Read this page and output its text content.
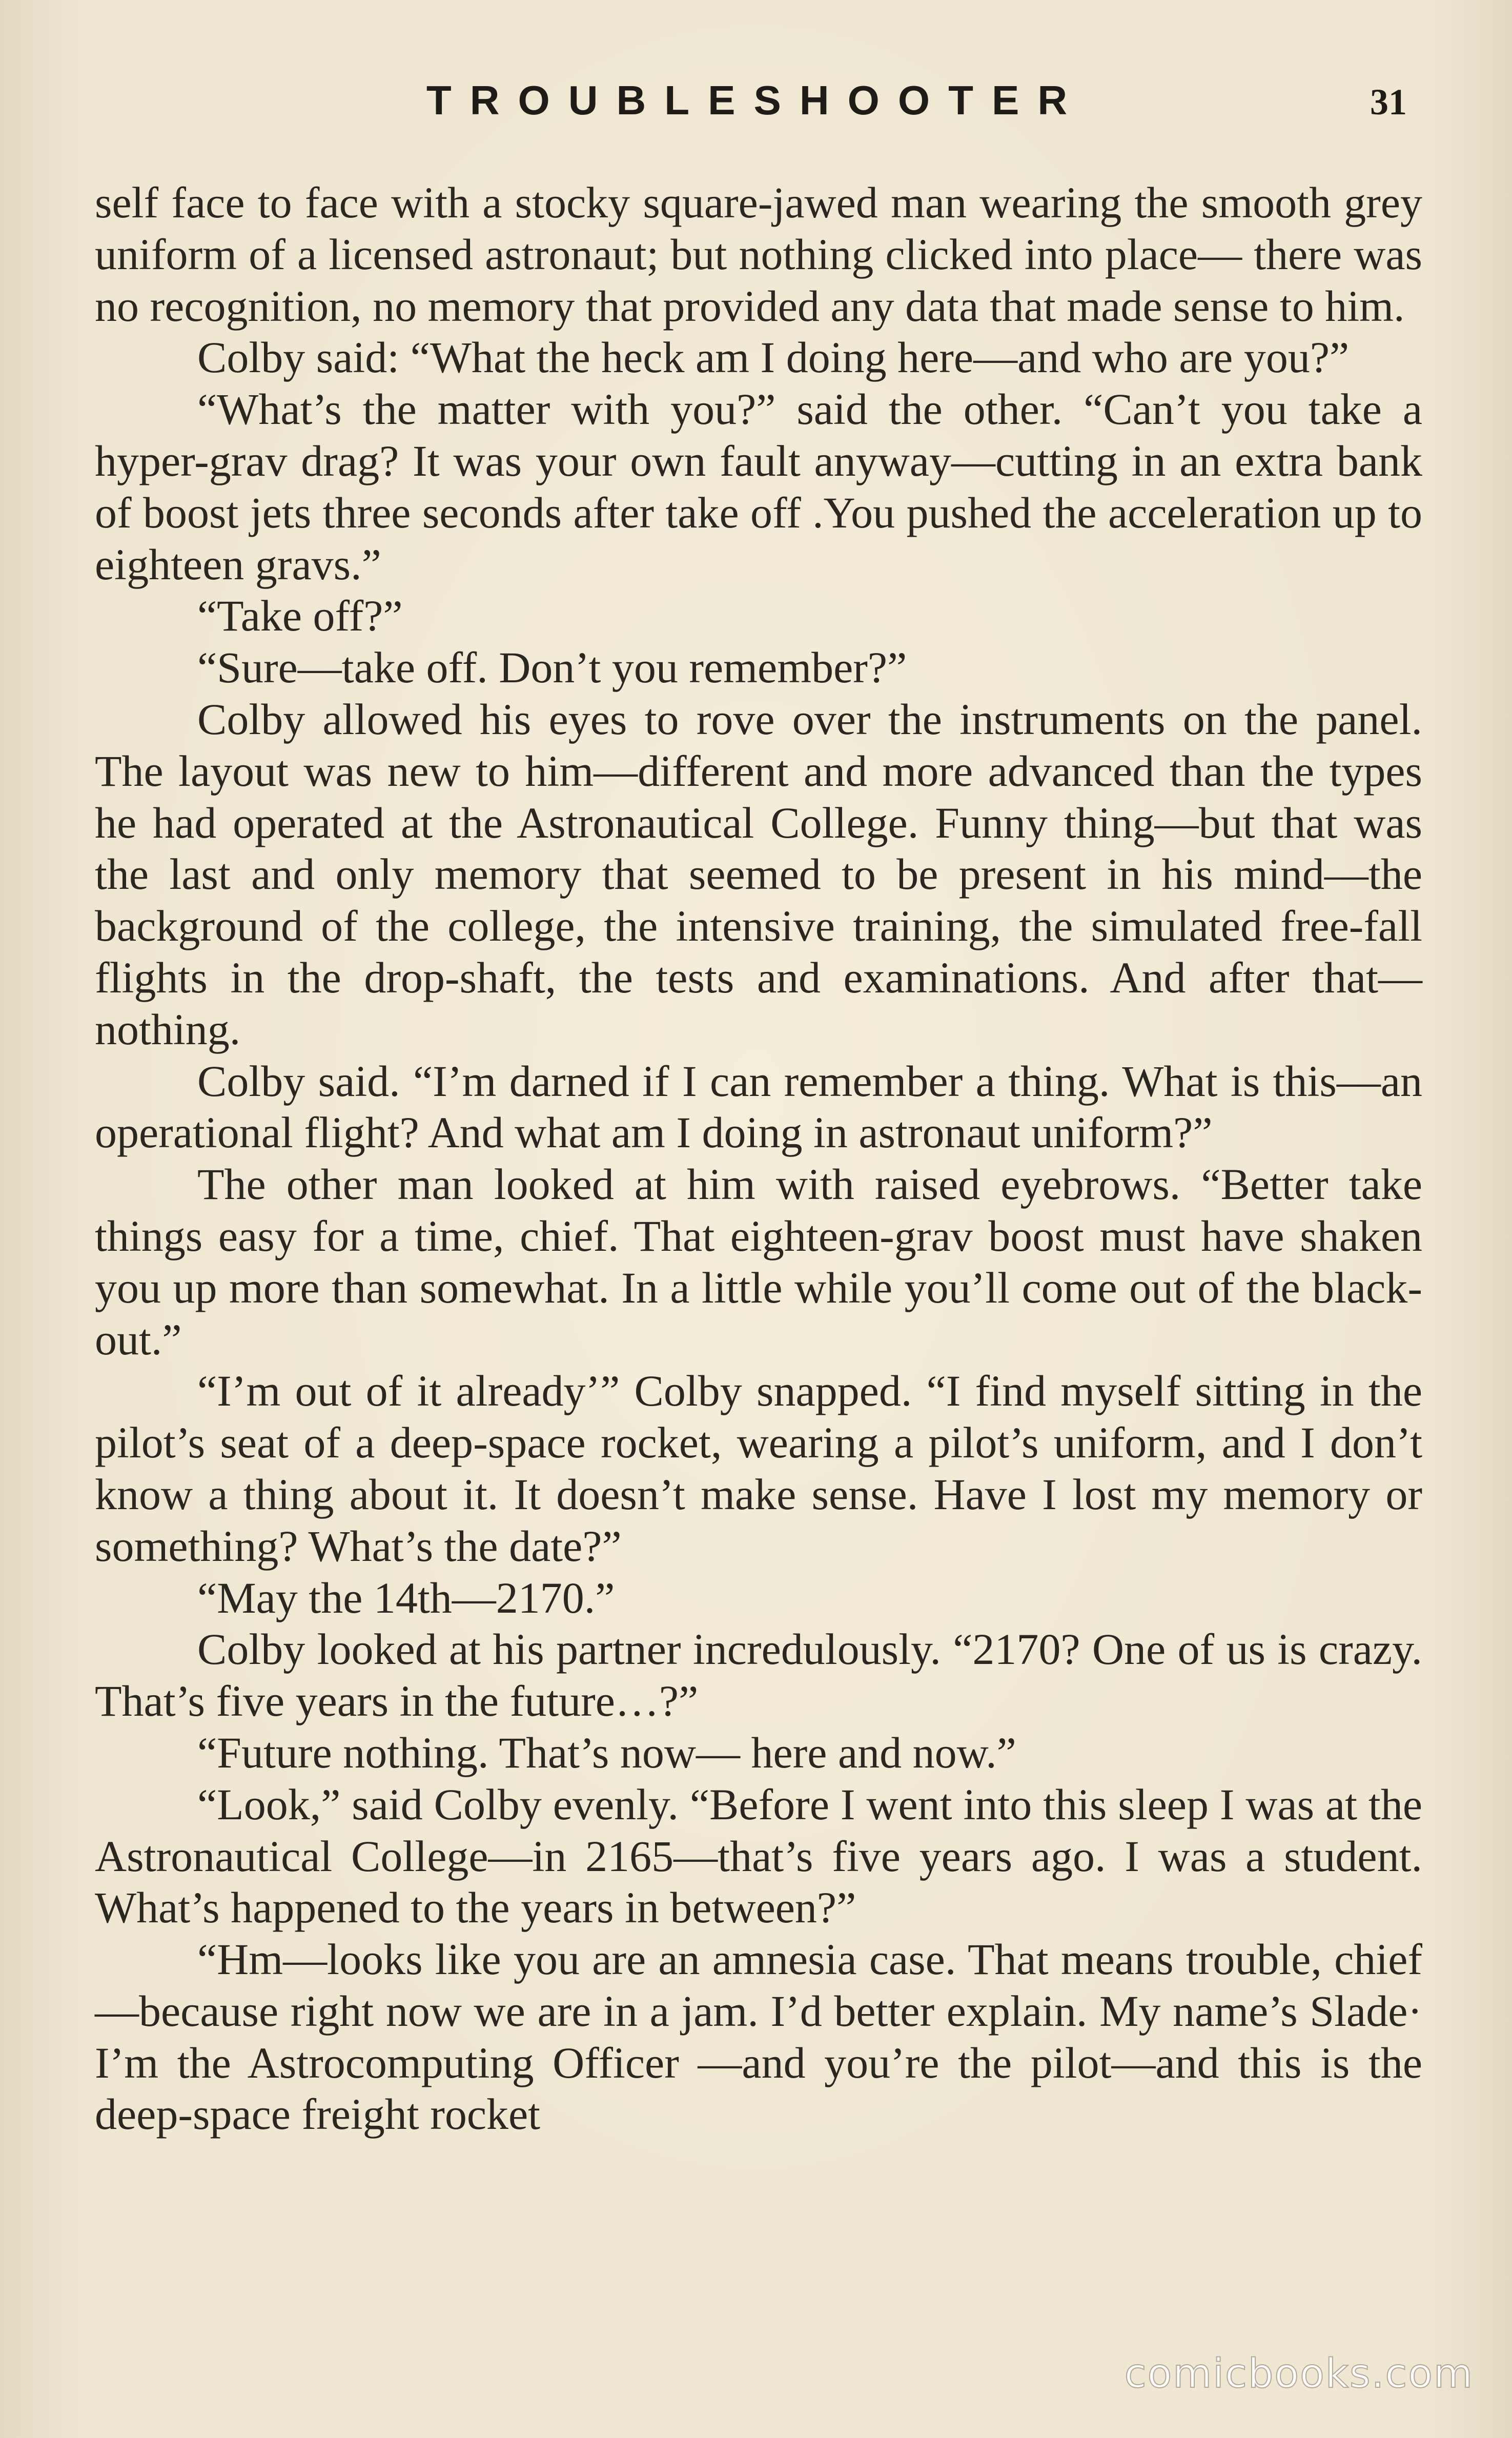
TROUBLESHOOTER	31

self face to face with a stocky square-jawed man wearing the smooth grey uniform of a licensed astronaut; but nothing clicked into place— there was no recognition, no memory that provided any data that made sense to him.

Colby said: “What the heck am I doing here—and who are you?”

“What’s the matter with you?” said the other. “Can’t you take a hyper-grav drag? It was your own fault anyway—cutting in an extra bank of boost jets three seconds after take off .You pushed the acceleration up to eighteen gravs.”

“Take off?”

“Sure—take off. Don’t you remember?”

Colby allowed his eyes to rove over the instruments on the panel. The layout was new to him—different and more advanced than the types he had operated at the Astronautical College. Funny thing—but that was the last and only memory that seemed to be present in his mind—the background of the college, the intensive training, the simulated free-fall flights in the drop-shaft, the tests and examinations. And after that—nothing.

Colby said. “I’m darned if I can remember a thing. What is this—an operational flight? And what am I doing in astronaut uniform?”

The other man looked at him with raised eyebrows. “Better take things easy for a time, chief. That eighteen-grav boost must have shaken you up more than somewhat. In a little while you’ll come out of the black-out.”

“I’m out of it already’” Colby snapped. “I find myself sitting in the pilot’s seat of a deep-space rocket, wearing a pilot’s uniform, and I don’t know a thing about it. It doesn’t make sense. Have I lost my memory or something? What’s the date?”

“May the 14th—2170.”

Colby looked at his partner incredulously. “2170? One of us is crazy. That’s five years in the future…?”

“Future nothing. That’s now— here and now.”

“Look,” said Colby evenly. “Before I went into this sleep I was at the Astronautical College—in 2165—that’s five years ago. I was a student. What’s happened to the years in between?”

“Hm—looks like you are an amnesia case. That means trouble, chief—because right now we are in a jam. I’d better explain. My name’s Slade· I’m the Astrocomputing Officer —and you’re the pilot—and this is the deep-space freight rocket

comicbooks.com
